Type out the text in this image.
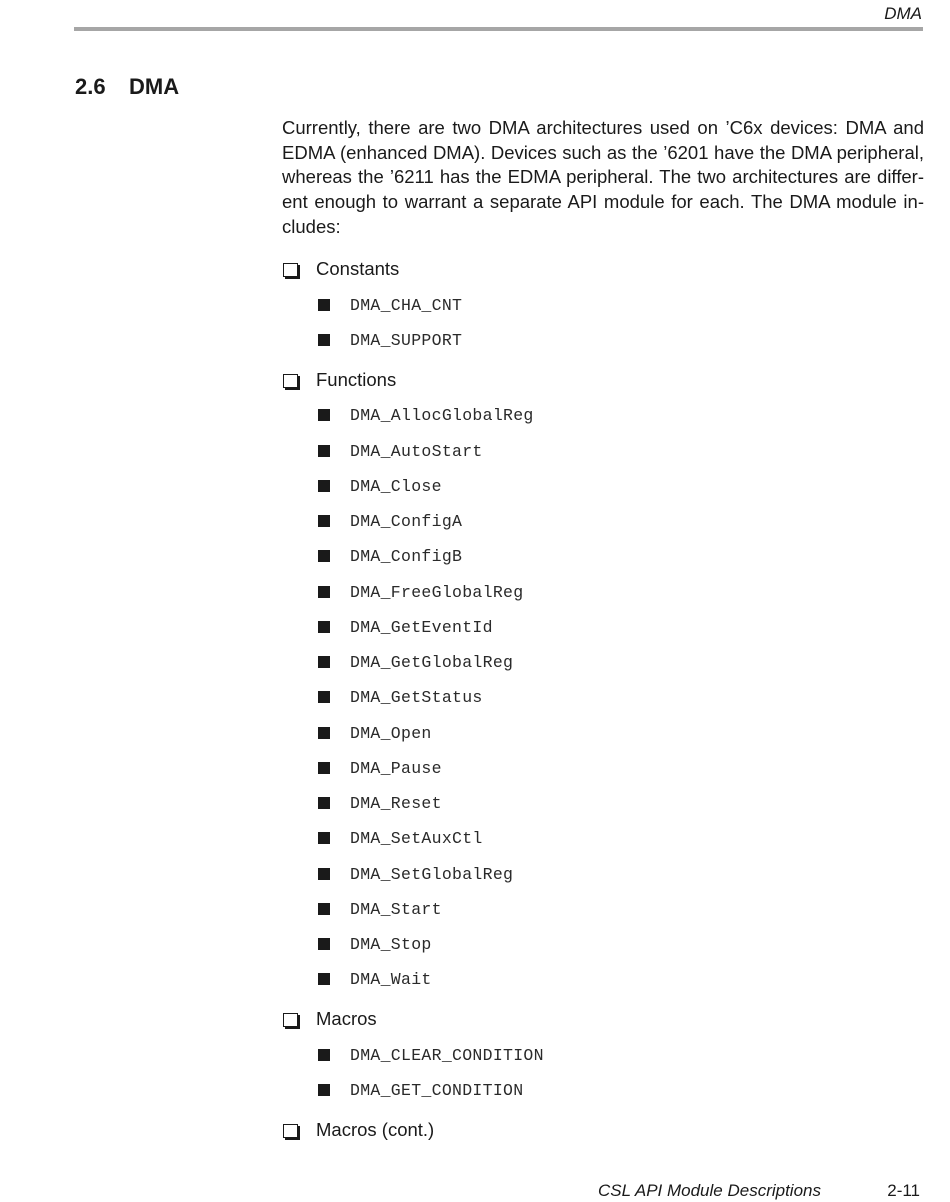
DMA
2.6 DMA
Currently, there are two DMA architectures used on ’C6x devices: DMA and EDMA (enhanced DMA). Devices such as the ’6201 have the DMA peripheral, whereas the ’6211 has the EDMA peripheral. The two architectures are different enough to warrant a separate API module for each. The DMA module includes:
Constants
DMA_CHA_CNT
DMA_SUPPORT
Functions
DMA_AllocGlobalReg
DMA_AutoStart
DMA_Close
DMA_ConfigA
DMA_ConfigB
DMA_FreeGlobalReg
DMA_GetEventId
DMA_GetGlobalReg
DMA_GetStatus
DMA_Open
DMA_Pause
DMA_Reset
DMA_SetAuxCtl
DMA_SetGlobalReg
DMA_Start
DMA_Stop
DMA_Wait
Macros
DMA_CLEAR_CONDITION
DMA_GET_CONDITION
Macros (cont.)
CSL API Module Descriptions	2-11
